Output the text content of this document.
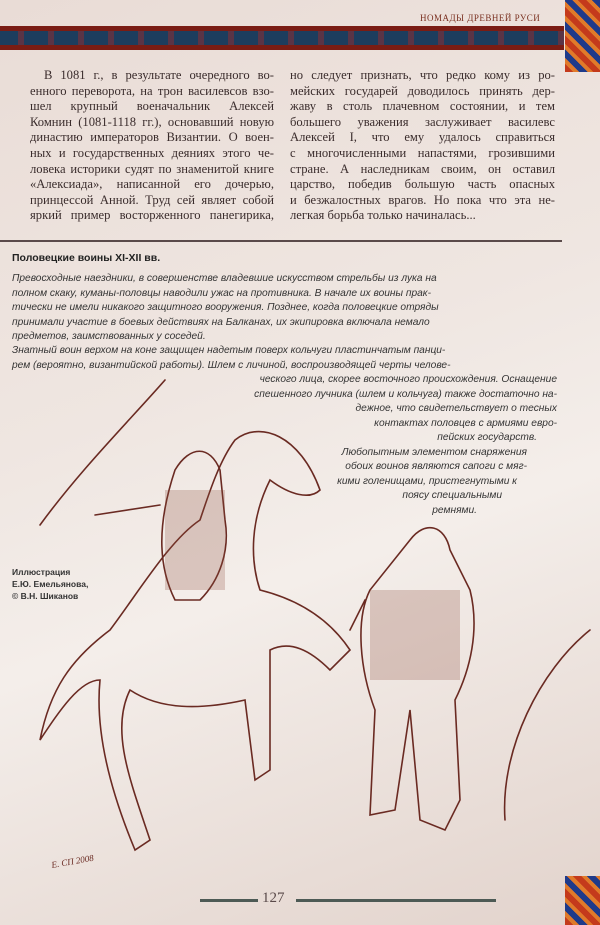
НОМАДЫ ДРЕВНЕЙ РУСИ
В 1081 г., в результате очередного во-
енного переворота, на трон василевсов взо-
шел крупный военачальник Алексей
Комнин (1081-1118 гг.), основавший новую
династию императоров Византии. О воен-
ных и государственных деяниях этого че-
ловека историки судят по знаменитой книге
«Алексиада», написанной его дочерью,
принцессой Анной. Труд сей являет собой
яркий пример восторженного панегирика,
но следует признать, что редко кому из ро-
мейских государей доводилось принять дер-
жаву в столь плачевном состоянии, и тем
большего уважения заслуживает василевс
Алексей I, что ему удалось справиться
с многочисленными напастями, грозившими
стране. А наследникам своим, он оставил
царство, победив большую часть опасных
и безжалостных врагов. Но пока что эта не-
легкая борьба только начиналась...
Половецкие воины XI-XII вв.
Превосходные наездники, в совершенстве владевшие искусством стрельбы из лука на
полном скаку, куманы-половцы наводили ужас на противника. В начале их воины прак-
тически не имели никакого защитного вооружения. Позднее, когда половецкие отряды
принимали участие в боевых действиях на Балканах, их экипировка включала немало
предметов, заимствованных у соседей.
Знатный воин верхом на коне защищен надетым поверх кольчуги пластинчатым панци-
рем (вероятно, византийской работы). Шлем с личиной, воспроизводящей черты челове-
ческого лица, скорее восточного происхождения. Оснащение
спешенного лучника (шлем и кольчуга) также достаточно на-
дежное, что свидетельствует о тесных
контактах половцев с армиями евро-
пейских государств.
Любопытным элементом снаряжения
обоих воинов являются сапоги с мяг-
кими голенищами, пристегнутыми к
поясу специальными
ремнями.
Е. СП 2008
Иллюстрация
Е.Ю. Емельянова,
© В.Н. Шиканов
127
